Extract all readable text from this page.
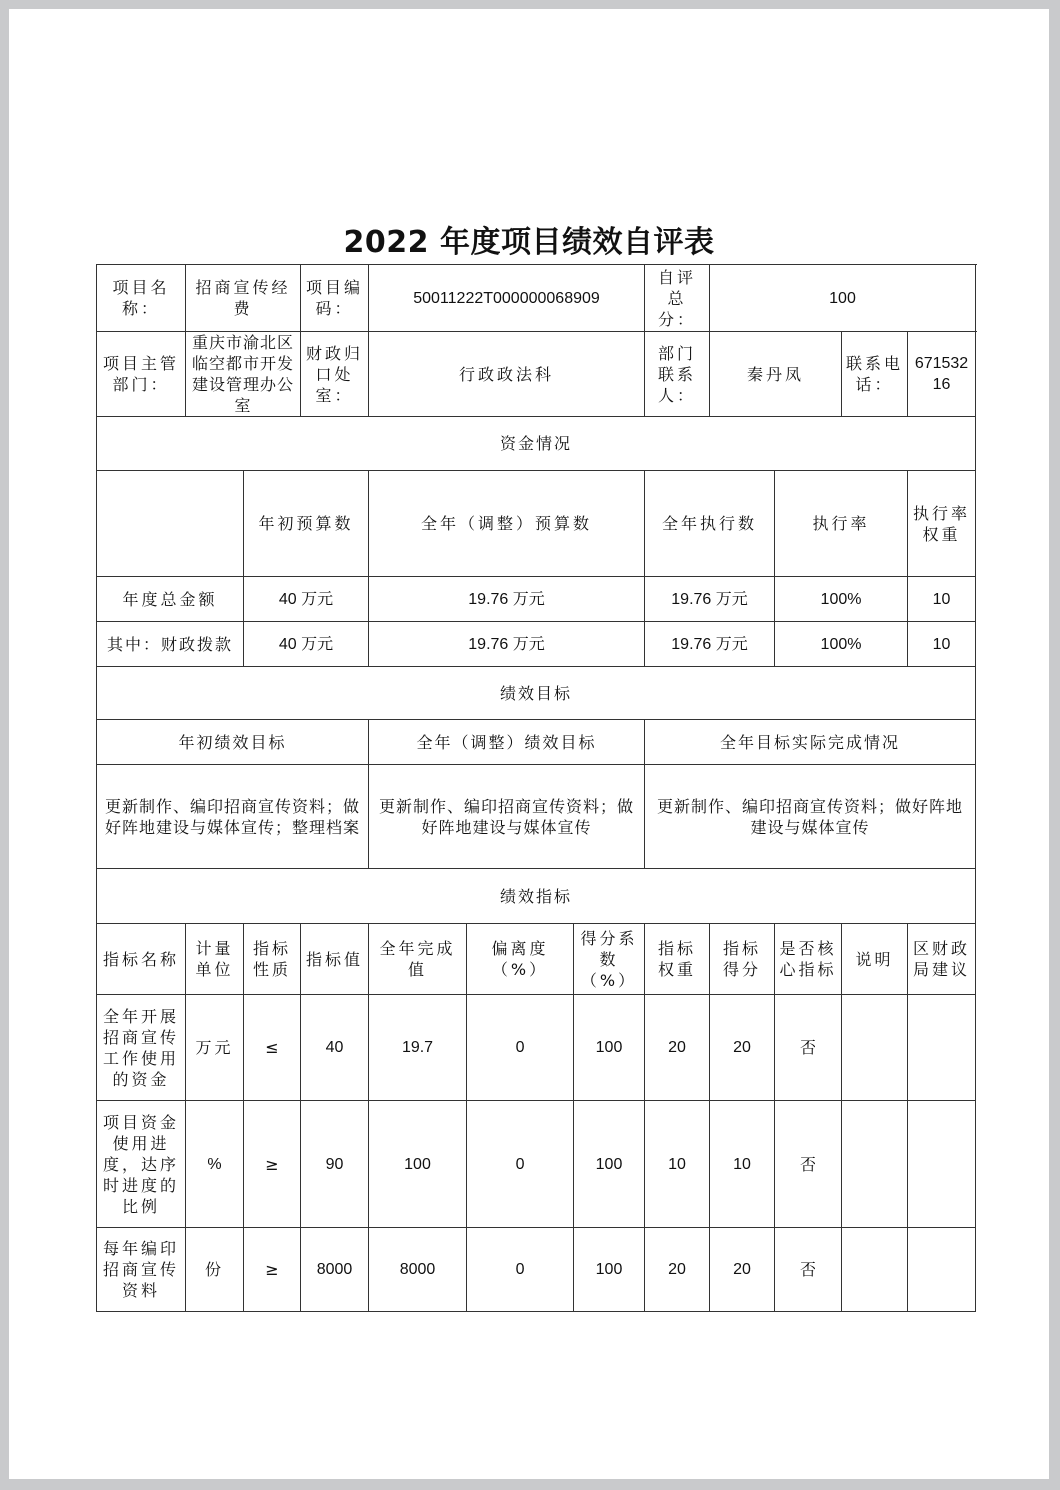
2022 年度项目绩效自评表
项目名称：	招商宣传经费		项目编码：	50011222T000000068909			自评总分：	100				
项目主管部门：	重庆市渝北区临空都市开发建设管理办公室		财政归口处室：	行政政法科			部门联系人：	秦丹凤		联系电话：	67153216	
资金情况												
		年初预算数		全年（调整）预算数			全年执行数		执行率		执行率权重	
年度总金额		40 万元		19.76 万元			19.76 万元		100%		10	
其中：财政拨款		40 万元		19.76 万元			19.76 万元		100%		10	
绩效目标												
年初绩效目标				全年（调整）绩效目标			全年目标实际完成情况					
更新制作、编印招商宣传资料；做好阵地建设与媒体宣传；整理档案				更新制作、编印招商宣传资料；做好阵地建设与媒体宣传			更新制作、编印招商宣传资料；做好阵地建设与媒体宣传					
绩效指标												
指标名称	计量单位	指标性质	指标值	全年完成值	偏离度（%）	得分系数（%）	指标权重	指标得分	是否核心指标	说明	区财政局建议	
全年开展招商宣传工作使用的资金	万元	≤	40	19.7	0	100	20	20	否			
项目资金使用进度，达序时进度的比例	%	≥	90	100	0	100	10	10	否			
每年编印招商宣传资料	份	≥	8000	8000	0	100	20	20	否			
